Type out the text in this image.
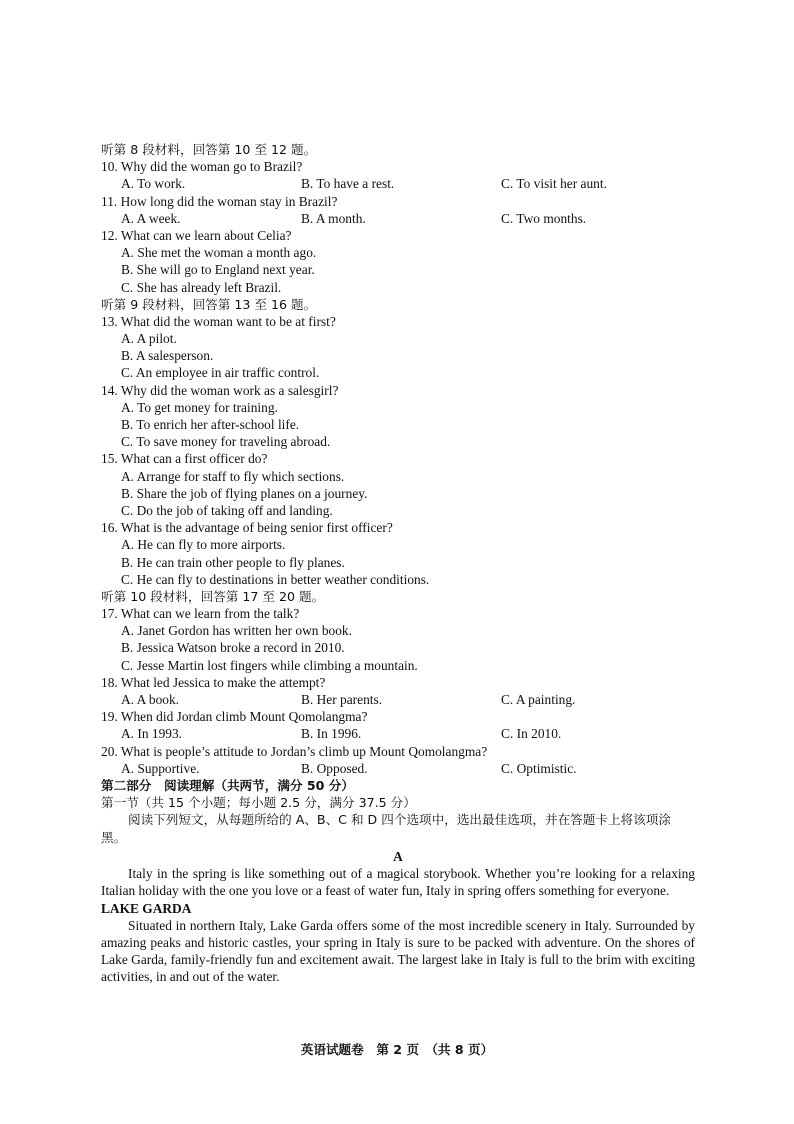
听第 8 段材料，回答第 10 至 12 题。
10. Why did the woman go to Brazil?
A. To work.	B. To have a rest.	C. To visit her aunt.
11. How long did the woman stay in Brazil?
A. A week.	B. A month.	C. Two months.
12. What can we learn about Celia?
A. She met the woman a month ago.
B. She will go to England next year.
C. She has already left Brazil.
听第 9 段材料，回答第 13 至 16 题。
13. What did the woman want to be at first?
A. A pilot.
B. A salesperson.
C. An employee in air traffic control.
14. Why did the woman work as a salesgirl?
A. To get money for training.
B. To enrich her after-school life.
C. To save money for traveling abroad.
15. What can a first officer do?
A. Arrange for staff to fly which sections.
B. Share the job of flying planes on a journey.
C. Do the job of taking off and landing.
16. What is the advantage of being senior first officer?
A. He can fly to more airports.
B. He can train other people to fly planes.
C. He can fly to destinations in better weather conditions.
听第 10 段材料，回答第 17 至 20 题。
17. What can we learn from the talk?
A. Janet Gordon has written her own book.
B. Jessica Watson broke a record in 2010.
C. Jesse Martin lost fingers while climbing a mountain.
18. What led Jessica to make the attempt?
A. A book.	B. Her parents.	C. A painting.
19. When did Jordan climb Mount Qomolangma?
A. In 1993.	B. In 1996.	C. In 2010.
20. What is people’s attitude to Jordan’s climb up Mount Qomolangma?
A. Supportive.	B. Opposed.	C. Optimistic.
第二部分　阅读理解（共两节，满分 50 分）
第一节（共 15 个小题；每小题 2.5 分，满分 37.5 分）
阅读下列短文，从每题所给的 A、B、C 和 D 四个选项中，选出最佳选项，并在答题卡上将该项涂黑。
A
Italy in the spring is like something out of a magical storybook. Whether you’re looking for a relaxing Italian holiday with the one you love or a feast of water fun, Italy in spring offers something for everyone.
LAKE GARDA
Situated in northern Italy, Lake Garda offers some of the most incredible scenery in Italy. Surrounded by amazing peaks and historic castles, your spring in Italy is sure to be packed with adventure. On the shores of Lake Garda, family-friendly fun and excitement await. The largest lake in Italy is full to the brim with exciting activities, in and out of the water.
英语试题卷　第 2 页　（共 8 页）
